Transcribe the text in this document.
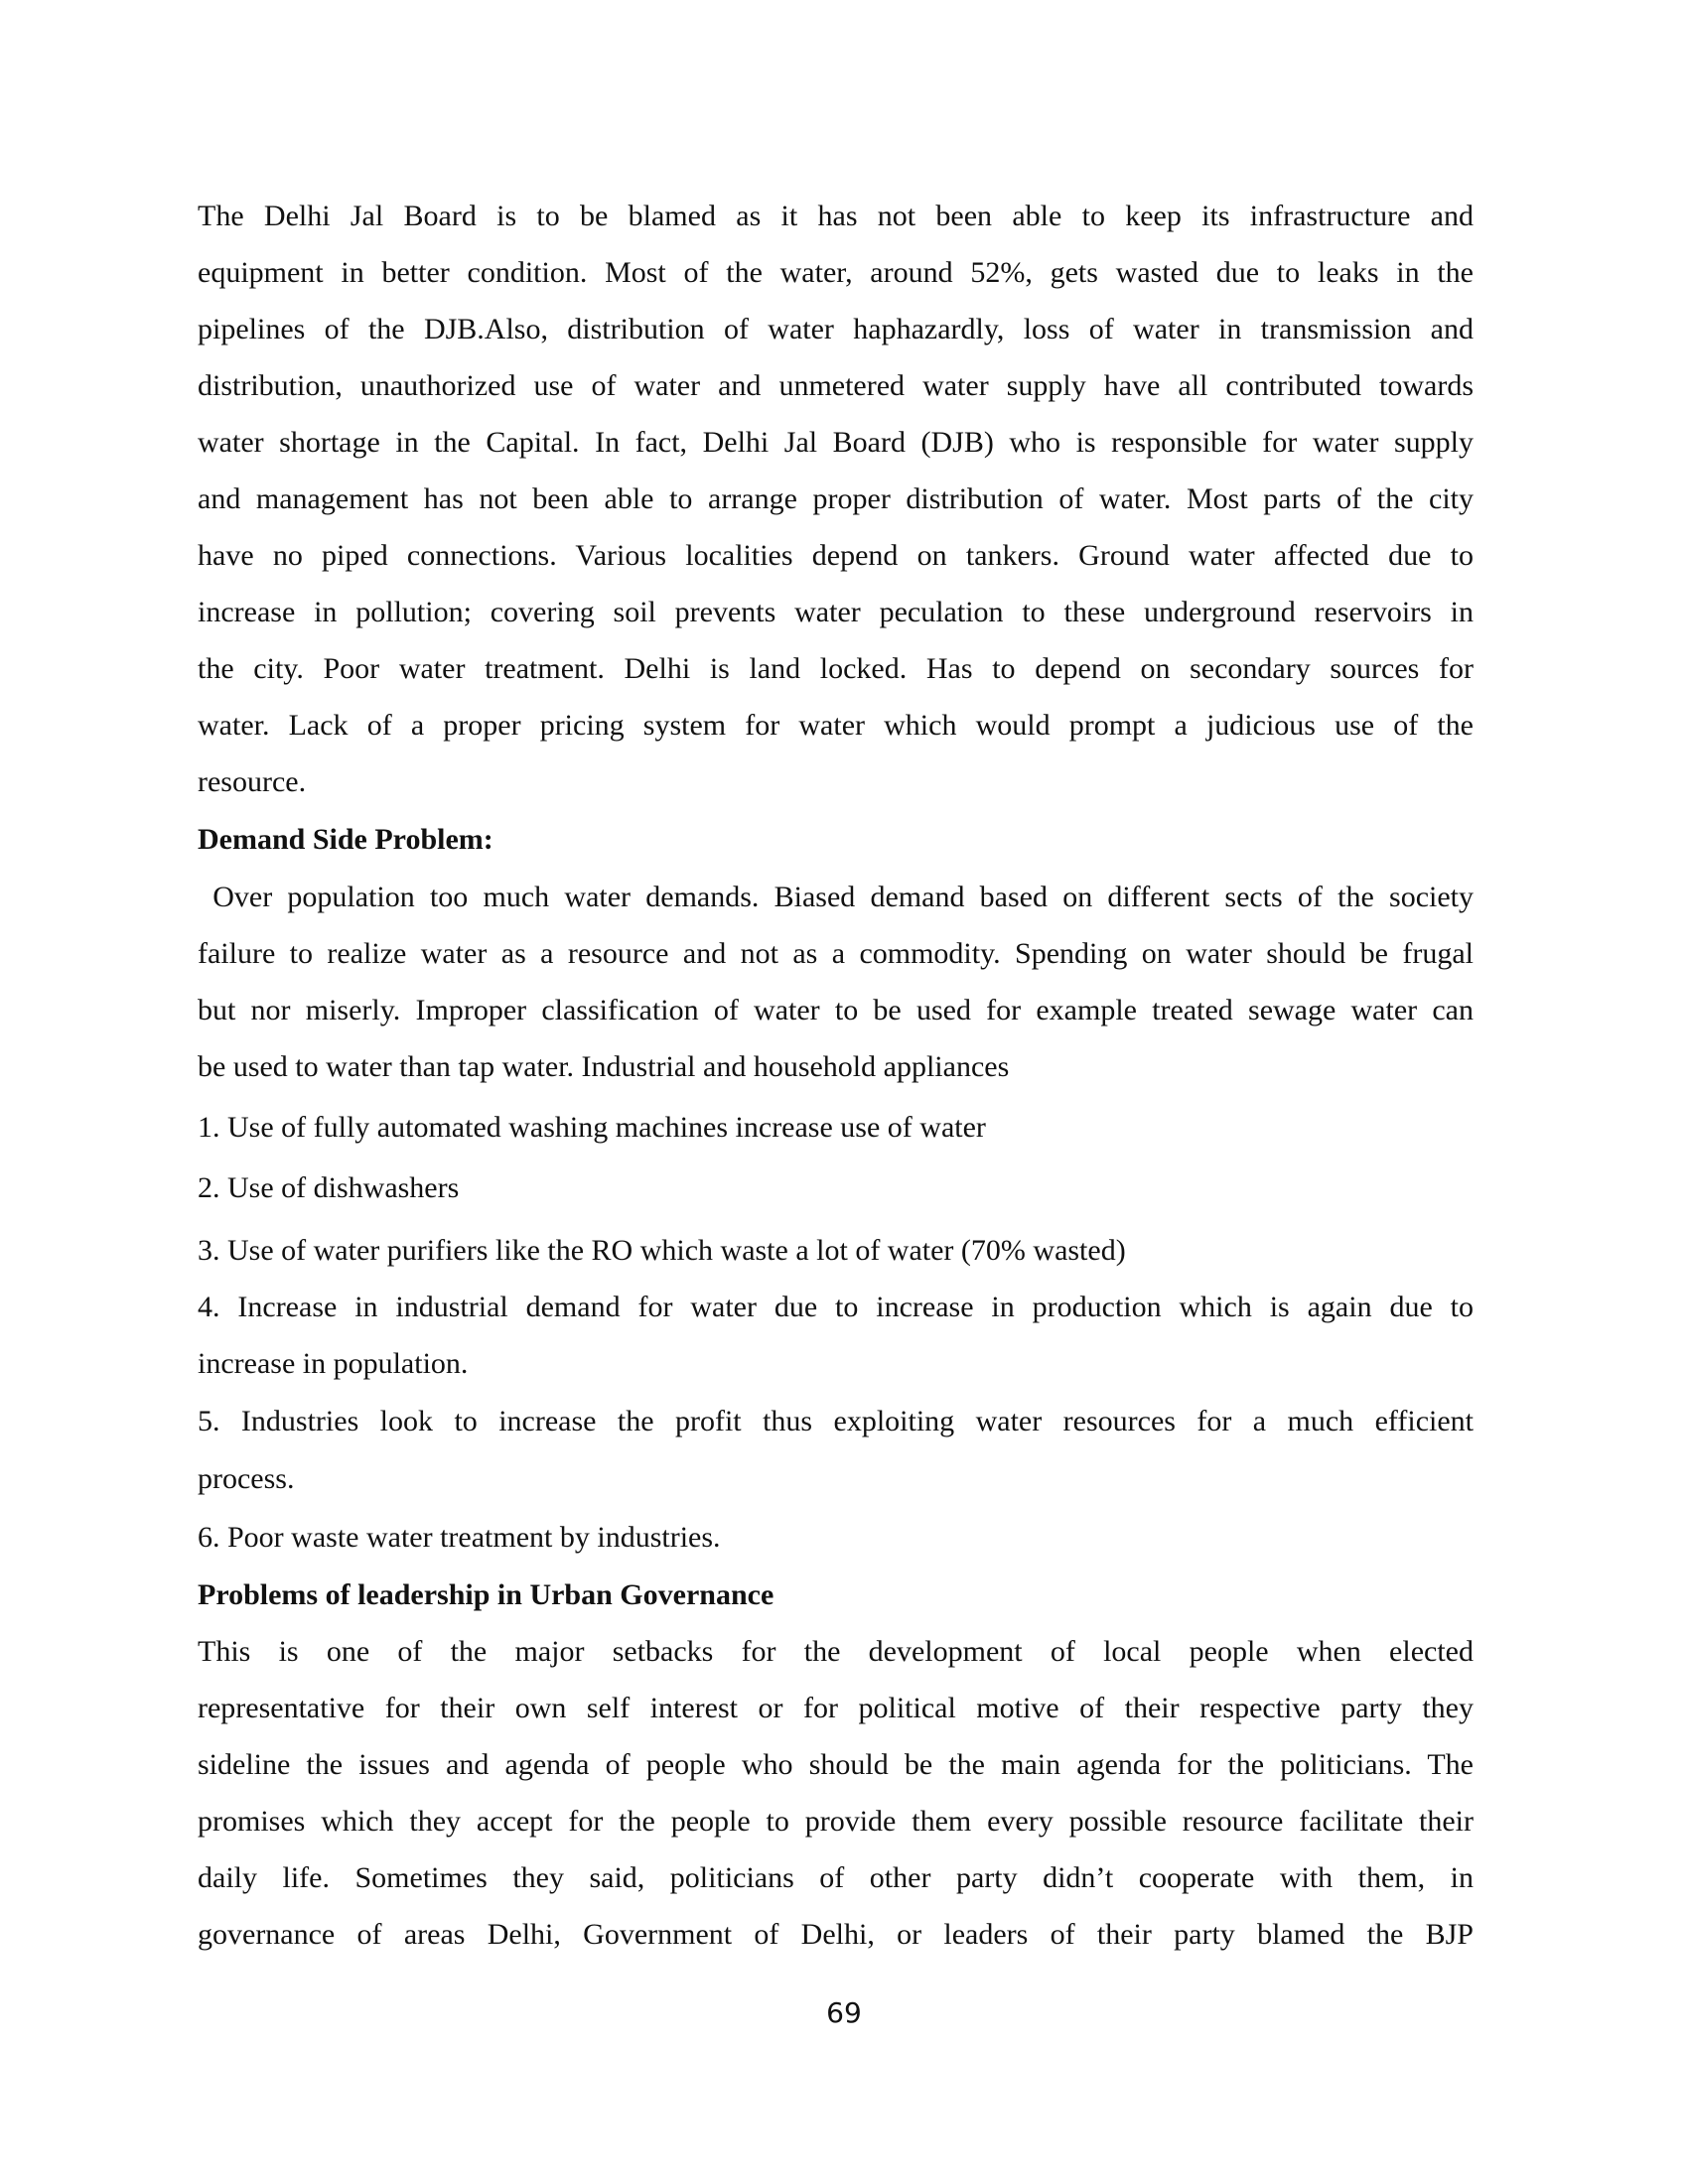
The Delhi Jal Board is to be blamed as it has not been able to keep its infrastructure and
equipment in better condition. Most of the water, around 52%, gets wasted due to leaks in the
pipelines of the DJB.Also, distribution of water haphazardly, loss of water in transmission and
distribution, unauthorized use of water and unmetered water supply have all contributed towards
water shortage in the Capital. In fact, Delhi Jal Board (DJB) who is responsible for water supply
and management has not been able to arrange proper distribution of water. Most parts of the city
have no piped connections. Various localities depend on tankers. Ground water affected due to
increase in pollution; covering soil prevents water peculation to these underground reservoirs in
the city. Poor water treatment. Delhi is land locked. Has to depend on secondary sources for
water. Lack of a proper pricing system for water which would prompt a judicious use of the
resource.
Demand Side Problem:
Over population too much water demands. Biased demand based on different sects of the society
failure to realize water as a resource and not as a commodity. Spending on water should be frugal
but nor miserly. Improper classification of water to be used for example treated sewage water can
be used to water than tap water. Industrial and household appliances
1. Use of fully automated washing machines increase use of water
2. Use of dishwashers
3. Use of water purifiers like the RO which waste a lot of water (70% wasted)
4. Increase in industrial demand for water due to increase in production which is again due to
increase in population.
5. Industries look to increase the profit thus exploiting water resources for a much efficient
process.
6. Poor waste water treatment by industries.
Problems of leadership in Urban Governance
This is one of the major setbacks for the development of local people when elected
representative for their own self interest or for political motive of their respective party they
sideline the issues and agenda of people who should be the main agenda for the politicians. The
promises which they accept for the people to provide them every possible resource facilitate their
daily life. Sometimes they said, politicians of other party didn’t cooperate with them, in
governance of areas Delhi, Government of Delhi, or leaders of their party blamed the BJP
69
